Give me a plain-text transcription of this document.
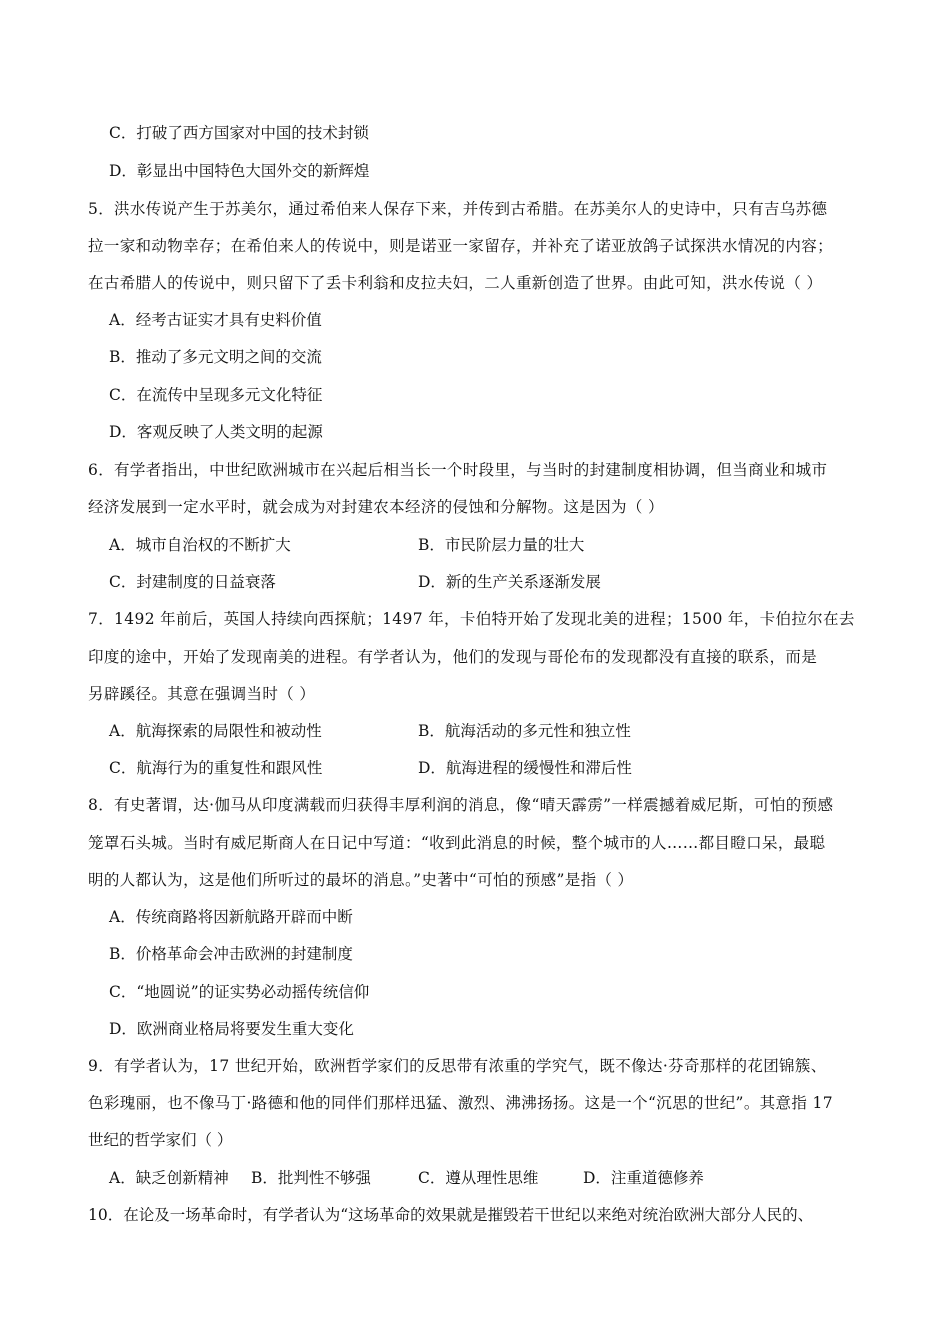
C．打破了西方国家对中国的技术封锁
D．彰显出中国特色大国外交的新辉煌
5．洪水传说产生于苏美尔，通过希伯来人保存下来，并传到古希腊。在苏美尔人的史诗中，只有吉乌苏德
拉一家和动物幸存；在希伯来人的传说中，则是诺亚一家留存，并补充了诺亚放鸽子试探洪水情况的内容；
在古希腊人的传说中，则只留下了丢卡利翁和皮拉夫妇，二人重新创造了世界。由此可知，洪水传说（ ）
A．经考古证实才具有史料价值
B．推动了多元文明之间的交流
C．在流传中呈现多元文化特征
D．客观反映了人类文明的起源
6．有学者指出，中世纪欧洲城市在兴起后相当长一个时段里，与当时的封建制度相协调，但当商业和城市
经济发展到一定水平时，就会成为对封建农本经济的侵蚀和分解物。这是因为（ ）
A．城市自治权的不断扩大	B．市民阶层力量的壮大
C．封建制度的日益衰落	D．新的生产关系逐渐发展
7．1492 年前后，英国人持续向西探航；1497 年，卡伯特开始了发现北美的进程；1500 年，卡伯拉尔在去
印度的途中，开始了发现南美的进程。有学者认为，他们的发现与哥伦布的发现都没有直接的联系，而是
另辟蹊径。其意在强调当时（ ）
A．航海探索的局限性和被动性	B．航海活动的多元性和独立性
C．航海行为的重复性和跟风性	D．航海进程的缓慢性和滞后性
8．有史著谓，达·伽马从印度满载而归获得丰厚利润的消息，像“晴天霹雳”一样震撼着威尼斯，可怕的预感
笼罩石头城。当时有威尼斯商人在日记中写道：“收到此消息的时候，整个城市的人……都目瞪口呆，最聪
明的人都认为，这是他们所听过的最坏的消息。”史著中“可怕的预感”是指（ ）
A．传统商路将因新航路开辟而中断
B．价格革命会冲击欧洲的封建制度
C．“地圆说”的证实势必动摇传统信仰
D．欧洲商业格局将要发生重大变化
9．有学者认为，17 世纪开始，欧洲哲学家们的反思带有浓重的学究气，既不像达·芬奇那样的花团锦簇、
色彩瑰丽，也不像马丁·路德和他的同伴们那样迅猛、激烈、沸沸扬扬。这是一个“沉思的世纪”。其意指 17
世纪的哲学家们（ ）
A．缺乏创新精神 B．批判性不够强	C．遵从理性思维	D．注重道德修养
10．在论及一场革命时，有学者认为“这场革命的效果就是摧毁若干世纪以来绝对统治欧洲大部分人民的、
